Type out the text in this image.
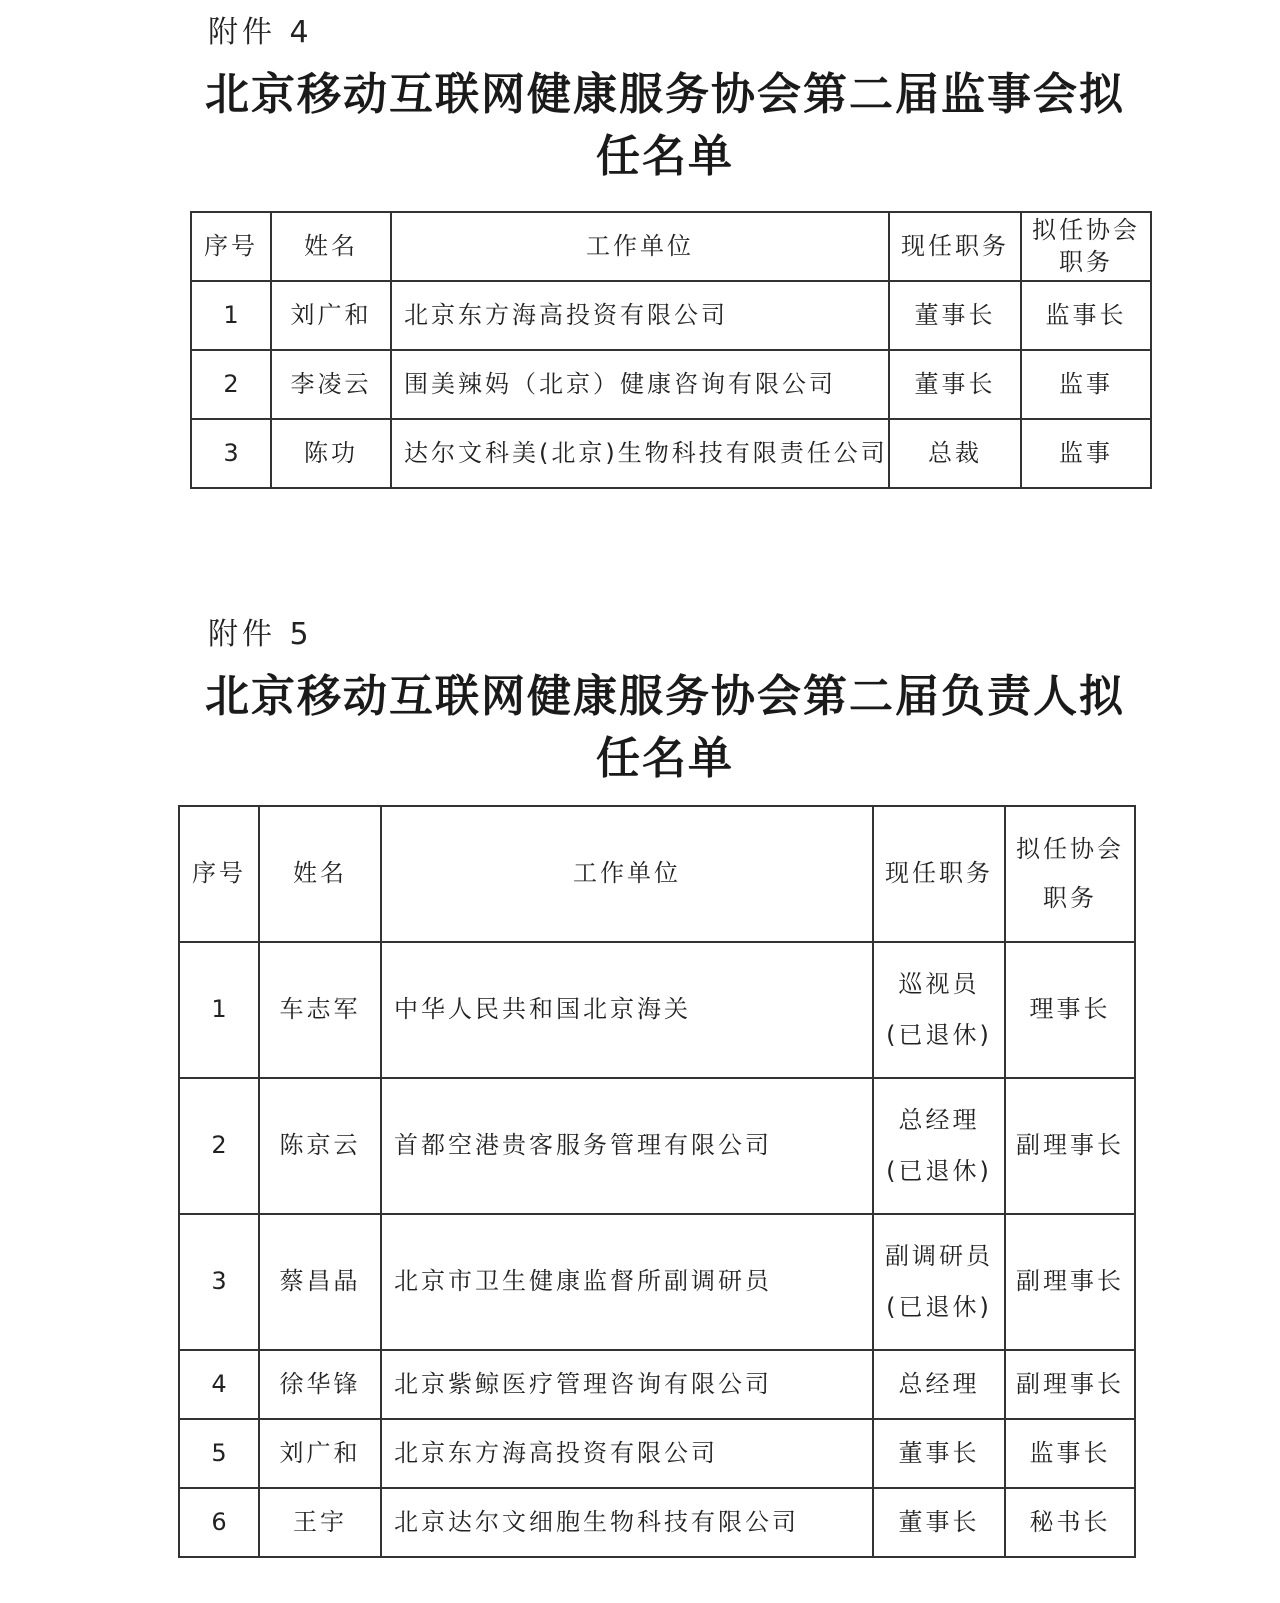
附件 4
北京移动互联网健康服务协会第二届监事会拟
任名单
序号	姓名	工作单位	现任职务	拟任协会
职务

1	刘广和	北京东方海高投资有限公司	董事长	监事长
2	李凌云	围美辣妈（北京）健康咨询有限公司	董事长	监事
3	陈功	达尔文科美(北京)生物科技有限责任公司	总裁	监事
附件 5
北京移动互联网健康服务协会第二届负责人拟
任名单
序号	姓名	工作单位	现任职务	拟任协会
职务

1	车志军	中华人民共和国北京海关	巡视员
(已退休)	理事长
2	陈京云	首都空港贵客服务管理有限公司	总经理
(已退休)	副理事长
3	蔡昌晶	北京市卫生健康监督所副调研员	副调研员
(已退休)	副理事长
4	徐华锋	北京紫鲸医疗管理咨询有限公司	总经理	副理事长
5	刘广和	北京东方海高投资有限公司	董事长	监事长
6	王宇	北京达尔文细胞生物科技有限公司	董事长	秘书长
